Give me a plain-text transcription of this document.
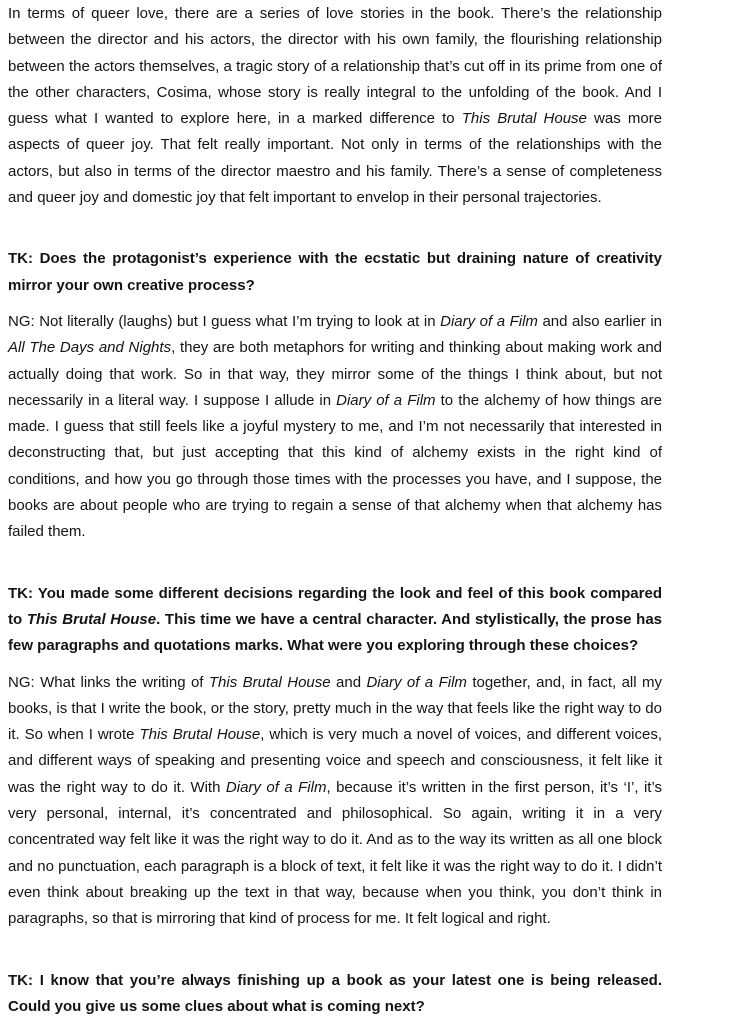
In terms of queer love, there are a series of love stories in the book. There’s the relationship between the director and his actors, the director with his own family, the flourishing relationship between the actors themselves, a tragic story of a relationship that’s cut off in its prime from one of the other characters, Cosima, whose story is really integral to the unfolding of the book. And I guess what I wanted to explore here, in a marked difference to This Brutal House was more aspects of queer joy. That felt really important. Not only in terms of the relationships with the actors, but also in terms of the director maestro and his family. There’s a sense of completeness and queer joy and domestic joy that felt important to envelop in their personal trajectories.

TK: Does the protagonist’s experience with the ecstatic but draining nature of creativity mirror your own creative process?

NG: Not literally (laughs) but I guess what I’m trying to look at in Diary of a Film and also earlier in All The Days and Nights, they are both metaphors for writing and thinking about making work and actually doing that work. So in that way, they mirror some of the things I think about, but not necessarily in a literal way. I suppose I allude in Diary of a Film to the alchemy of how things are made. I guess that still feels like a joyful mystery to me, and I’m not necessarily that interested in deconstructing that, but just accepting that this kind of alchemy exists in the right kind of conditions, and how you go through those times with the processes you have, and I suppose, the books are about people who are trying to regain a sense of that alchemy when that alchemy has failed them.

TK: You made some different decisions regarding the look and feel of this book compared to This Brutal House. This time we have a central character. And stylistically, the prose has few paragraphs and quotations marks. What were you exploring through these choices?

NG: What links the writing of This Brutal House and Diary of a Film together, and, in fact, all my books, is that I write the book, or the story, pretty much in the way that feels like the right way to do it. So when I wrote This Brutal House, which is very much a novel of voices, and different voices, and different ways of speaking and presenting voice and speech and consciousness, it felt like it was the right way to do it. With Diary of a Film, because it’s written in the first person, it’s ‘I’, it’s very personal, internal, it’s concentrated and philosophical. So again, writing it in a very concentrated way felt like it was the right way to do it. And as to the way its written as all one block and no punctuation, each paragraph is a block of text, it felt like it was the right way to do it. I didn’t even think about breaking up the text in that way, because when you think, you don’t think in paragraphs, so that is mirroring that kind of process for me. It felt logical and right.

TK: I know that you’re always finishing up a book as your latest one is being released. Could you give us some clues about what is coming next?
